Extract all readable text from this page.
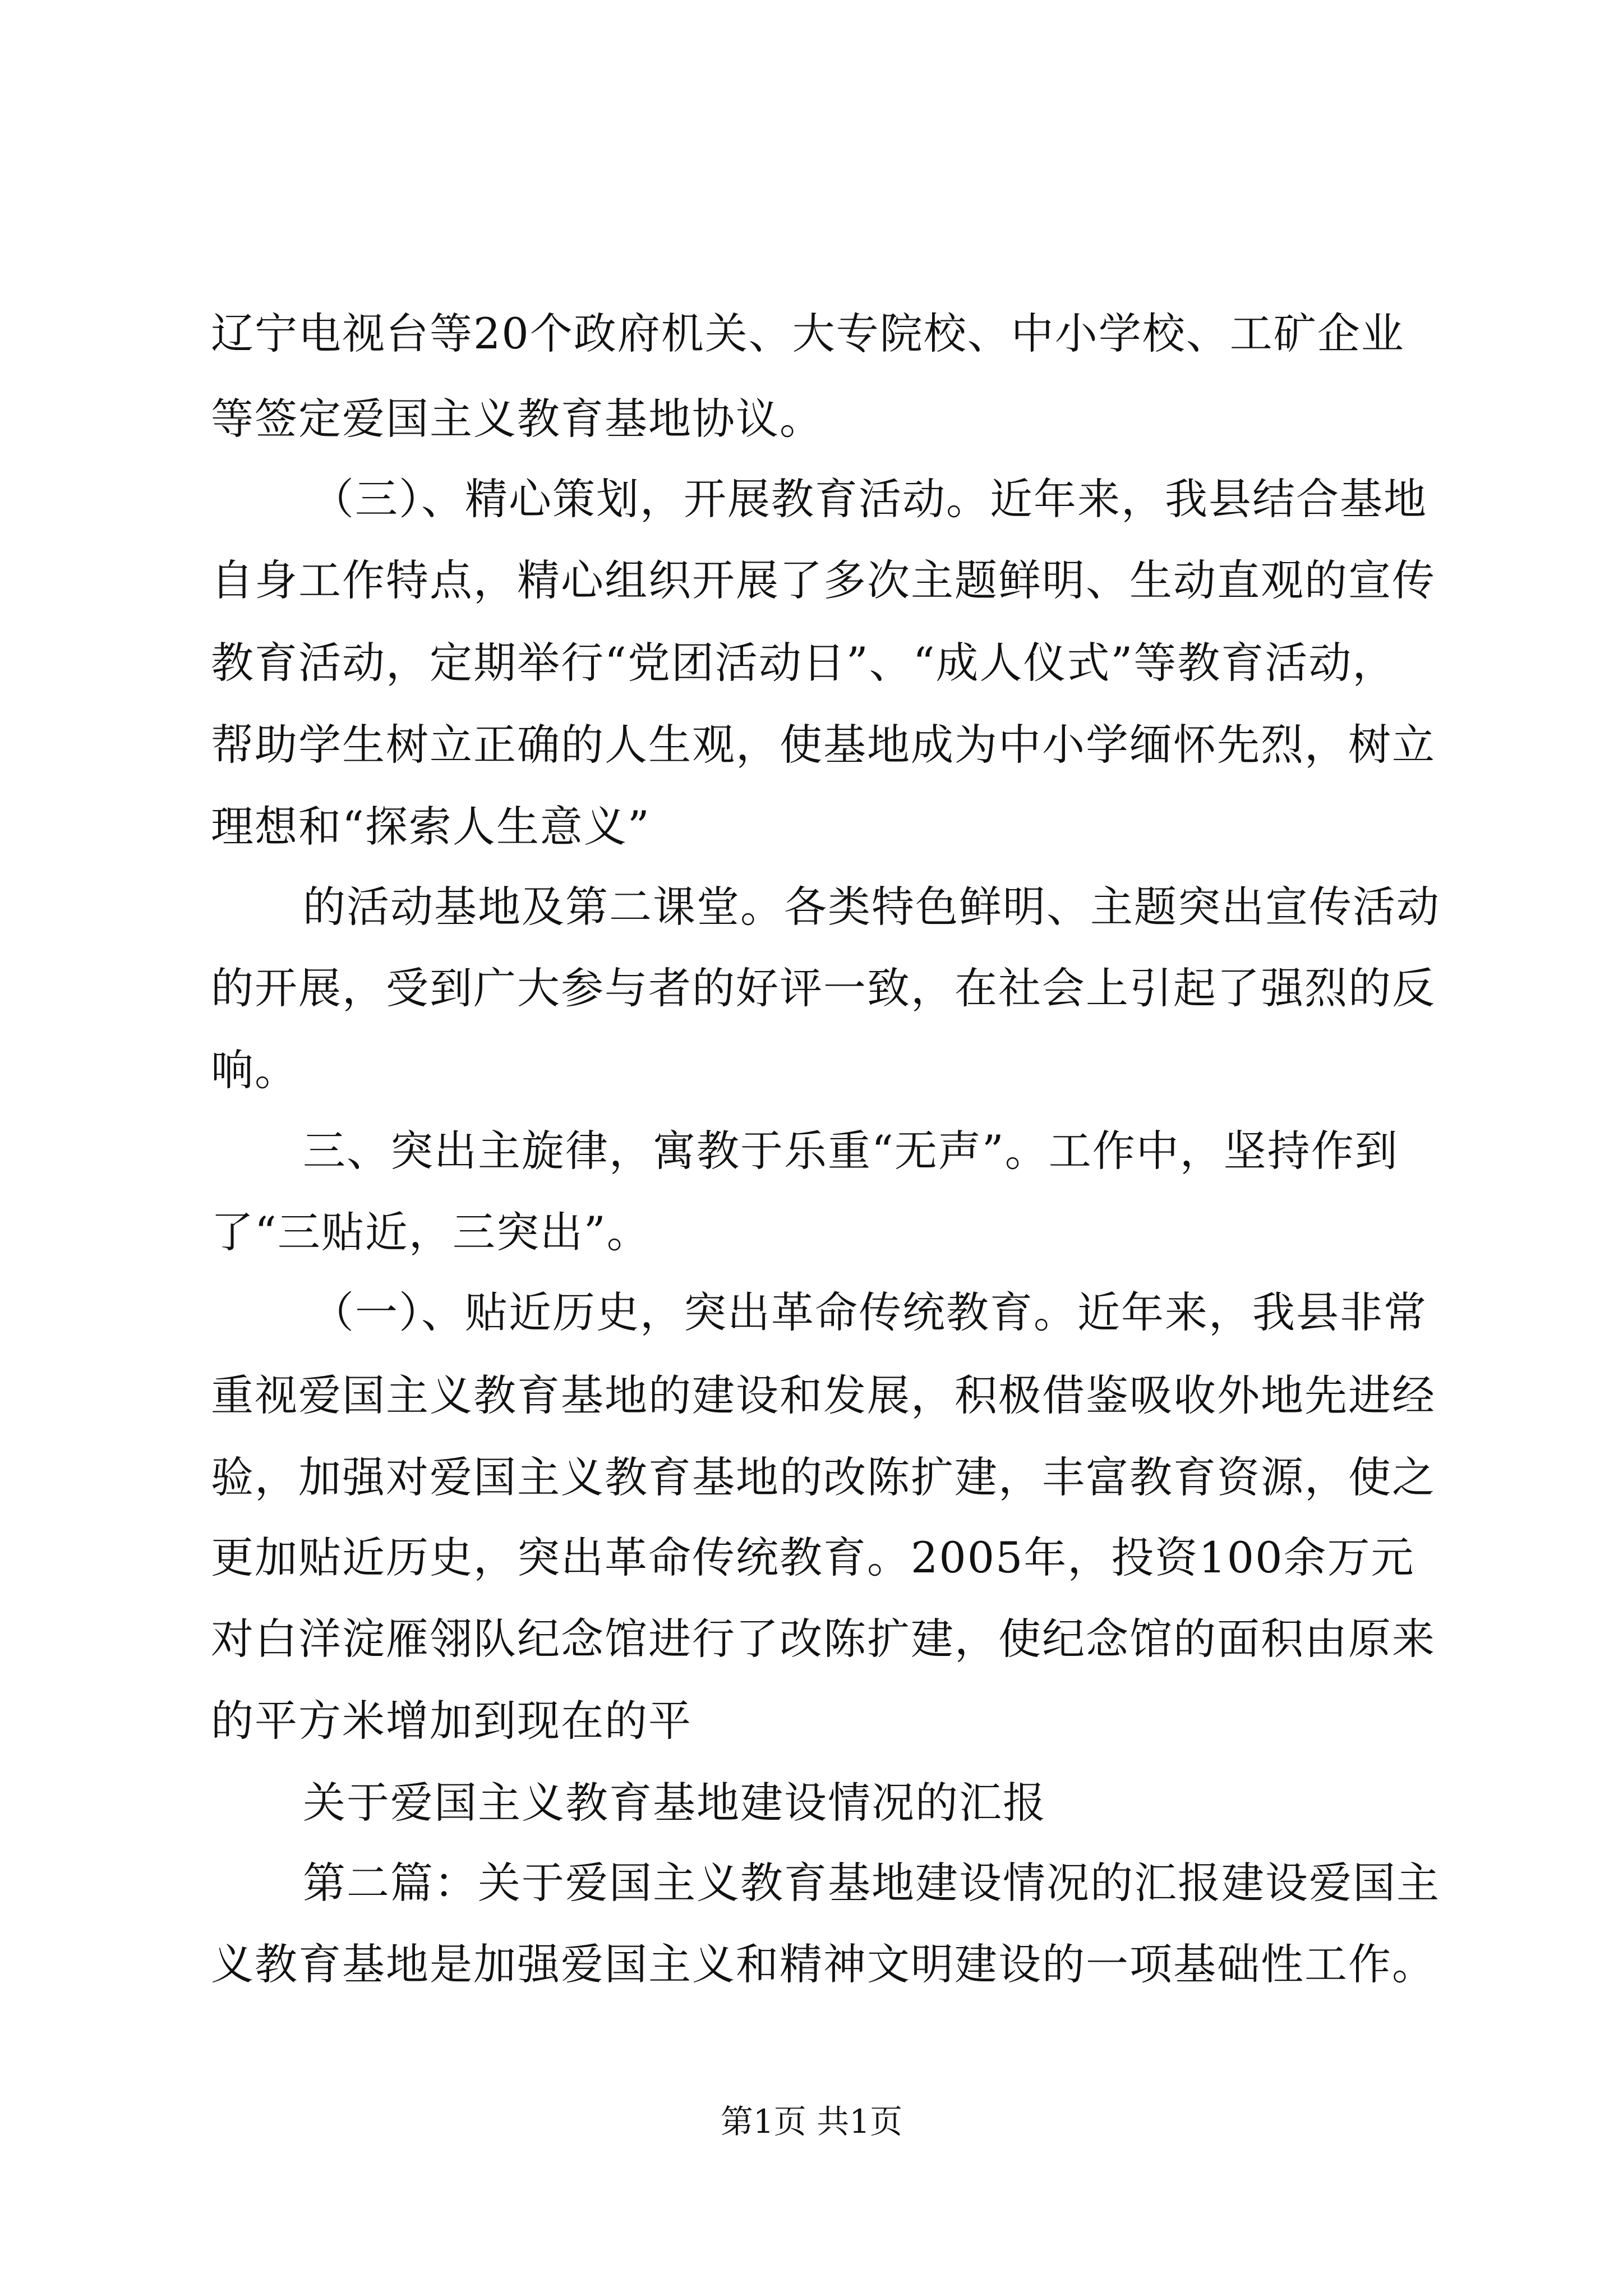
辽宁电视台等20个政府机关、大专院校、中小学校、工矿企业
等签定爱国主义教育基地协议。
（三）、精心策划，开展教育活动。近年来，我县结合基地
自身工作特点，精心组织开展了多次主题鲜明、生动直观的宣传
教育活动，定期举行“党团活动日”、“成人仪式”等教育活动，
帮助学生树立正确的人生观，使基地成为中小学缅怀先烈，树立
理想和“探索人生意义”
的活动基地及第二课堂。各类特色鲜明、主题突出宣传活动
的开展，受到广大参与者的好评一致，在社会上引起了强烈的反
响。
三、突出主旋律，寓教于乐重“无声”。工作中，坚持作到
了“三贴近，三突出”。
（一）、贴近历史，突出革命传统教育。近年来，我县非常
重视爱国主义教育基地的建设和发展，积极借鉴吸收外地先进经
验，加强对爱国主义教育基地的改陈扩建，丰富教育资源，使之
更加贴近历史，突出革命传统教育。2005年，投资100余万元
对白洋淀雁翎队纪念馆进行了改陈扩建，使纪念馆的面积由原来
的平方米增加到现在的平
关于爱国主义教育基地建设情况的汇报
第二篇：关于爱国主义教育基地建设情况的汇报建设爱国主
义教育基地是加强爱国主义和精神文明建设的一项基础性工作。
第1页 共1页
